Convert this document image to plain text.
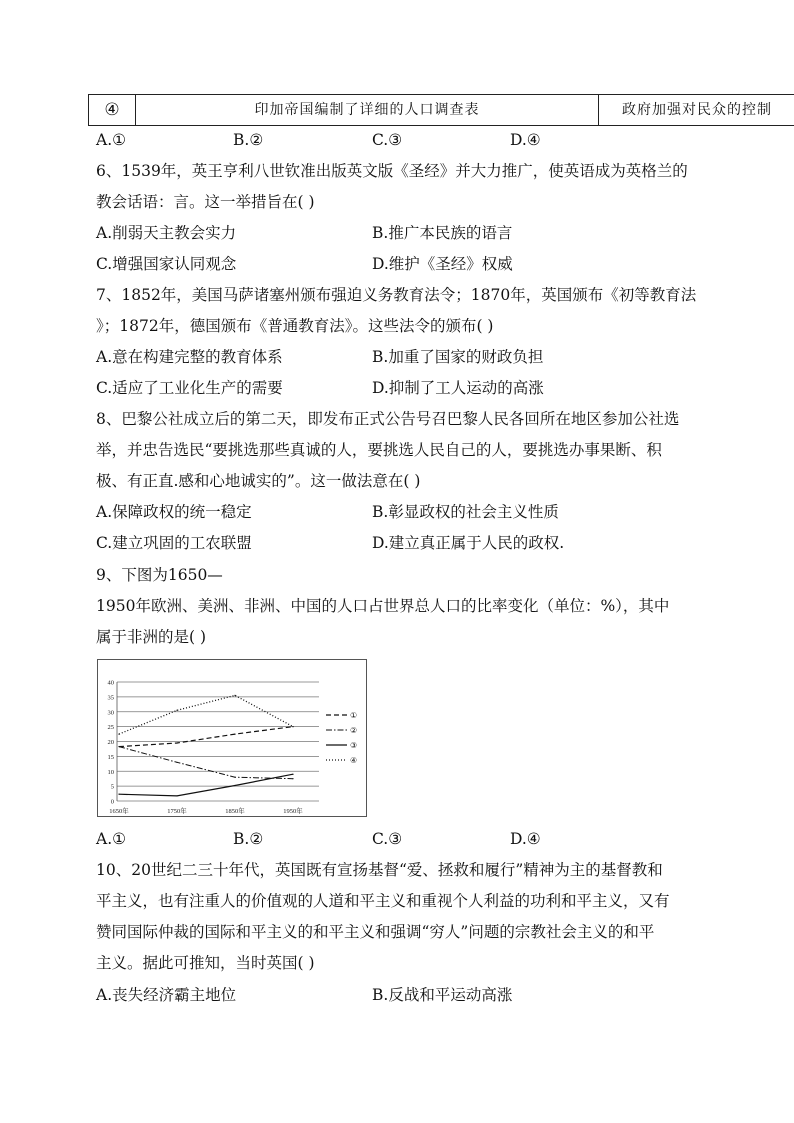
④	印加帝国编制了详细的人口调查表	政府加强对民众的控制
A.①	B.②	C.③	D.④
6、1539年，英王亨利八世钦准出版英文版《圣经》并大力推广，使英语成为英格兰的
教会话语：言。这一举措旨在( )
A.削弱天主教会实力	B.推广本民族的语言
C.增强国家认同观念	D.维护《圣经》权威
7、1852年，美国马萨诸塞州颁布强迫义务教育法令；1870年，英国颁布《初等教育法
》；1872年，德国颁布《普通教育法》。这些法令的颁布( )
A.意在构建完整的教育体系	B.加重了国家的财政负担
C.适应了工业化生产的需要	D.抑制了工人运动的高涨
8、巴黎公社成立后的第二天，即发布正式公告号召巴黎人民各回所在地区参加公社选
举，并忠告选民“要挑选那些真诚的人，要挑选人民自己的人，要挑选办事果断、积
极、有正直.感和心地诚实的”。这一做法意在( )
A.保障政权的统一稳定	B.彰显政权的社会主义性质
C.建立巩固的工农联盟	D.建立真正属于人民的政权.
9、下图为1650—
1950年欧洲、美洲、非洲、中国的人口占世界总人口的比率变化（单位：%），其中
属于非洲的是( )
0
5
10
15
20
25
30
35
40
1650年	1750年	1850年	1950年
①
②
③
④
A.①	B.②	C.③	D.④
10、20世纪二三十年代，英国既有宣扬基督“爱、拯救和履行”精神为主的基督教和
平主义，也有注重人的价值观的人道和平主义和重视个人利益的功利和平主义，又有
赞同国际仲裁的国际和平主义的和平主义和强调“穷人”问题的宗教社会主义的和平
主义。据此可推知，当时英国( )
A.丧失经济霸主地位	B.反战和平运动高涨
